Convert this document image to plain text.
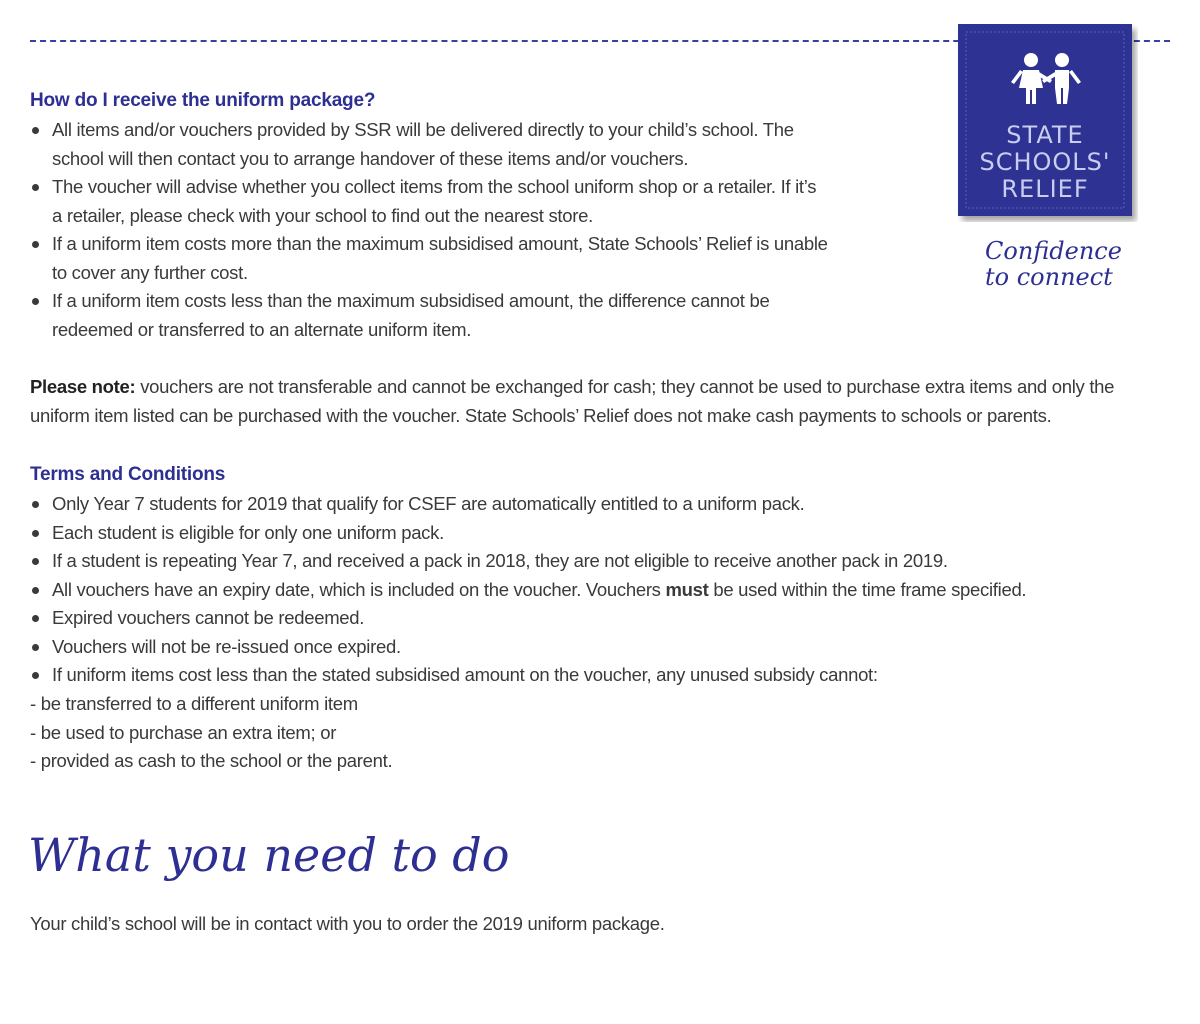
STATE
SCHOOLS'
RELIEF
Confidence

to connect
How do I receive the uniform package?
All items and/or vouchers provided by SSR will be delivered directly to your child’s school. The
school will then contact you to arrange handover of these items and/or vouchers.
The voucher will advise whether you collect items from the school uniform shop or a retailer. If it’s
a retailer, please check with your school to find out the nearest store.
If a uniform item costs more than the maximum subsidised amount, State Schools’ Relief is unable
to cover any further cost.
If a uniform item costs less than the maximum subsidised amount, the difference cannot be
redeemed or transferred to an alternate uniform item.

Please note: vouchers are not transferable and cannot be exchanged for cash; they cannot be used to purchase extra items and only the
uniform item listed can be purchased with the voucher. State Schools’ Relief does not make cash payments to schools or parents.

Terms and Conditions
Only Year 7 students for 2019 that qualify for CSEF are automatically entitled to a uniform pack.
Each student is eligible for only one uniform pack.
If a student is repeating Year 7, and received a pack in 2018, they are not eligible to receive another pack in 2019.
All vouchers have an expiry date, which is included on the voucher. Vouchers must be used within the time frame specified.
Expired vouchers cannot be redeemed.
Vouchers will not be re-issued once expired.
If uniform items cost less than the stated subsidised amount on the voucher, any unused subsidy cannot:

- be transferred to a different uniform item
- be used to purchase an extra item; or
- provided as cash to the school or the parent.

What you need to do

Your child’s school will be in contact with you to order the 2019 uniform package.
